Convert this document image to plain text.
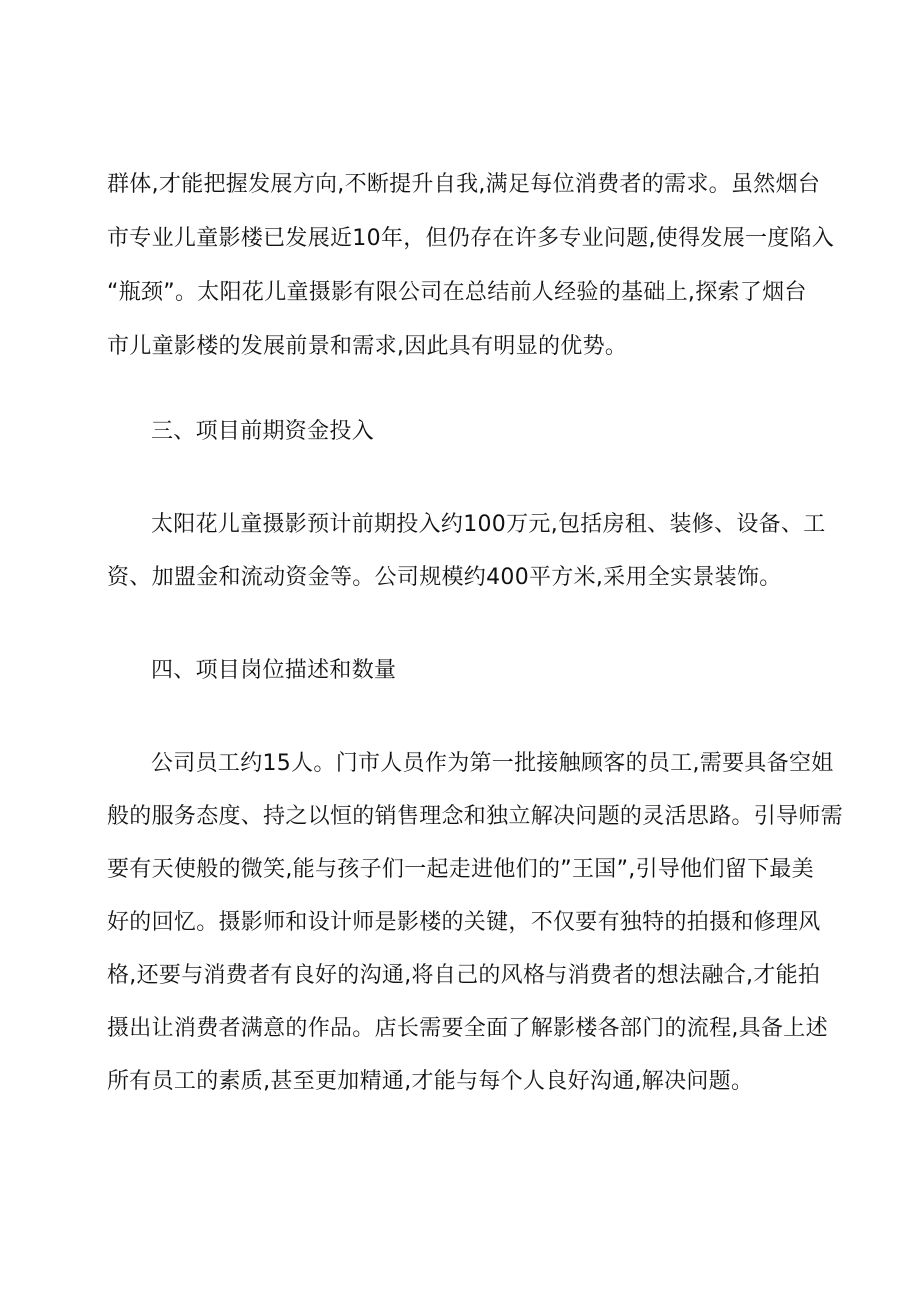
群体,才能把握发展方向,不断提升自我,满足每位消费者的需求。虽然烟台
市专业儿童影楼已发展近10年，但仍存在许多专业问题,使得发展一度陷入
“瓶颈”。太阳花儿童摄影有限公司在总结前人经验的基础上,探索了烟台
市儿童影楼的发展前景和需求,因此具有明显的优势。
三、项目前期资金投入
太阳花儿童摄影预计前期投入约100万元,包括房租、装修、设备、工
资、加盟金和流动资金等。公司规模约400平方米,采用全实景装饰。
四、项目岗位描述和数量
公司员工约15人。门市人员作为第一批接触顾客的员工,需要具备空姐
般的服务态度、持之以恒的销售理念和独立解决问题的灵活思路。引导师需
要有天使般的微笑,能与孩子们一起走进他们的”王国”,引导他们留下最美
好的回忆。摄影师和设计师是影楼的关键，不仅要有独特的拍摄和修理风
格,还要与消费者有良好的沟通,将自己的风格与消费者的想法融合,才能拍
摄出让消费者满意的作品。店长需要全面了解影楼各部门的流程,具备上述
所有员工的素质,甚至更加精通,才能与每个人良好沟通,解决问题。
